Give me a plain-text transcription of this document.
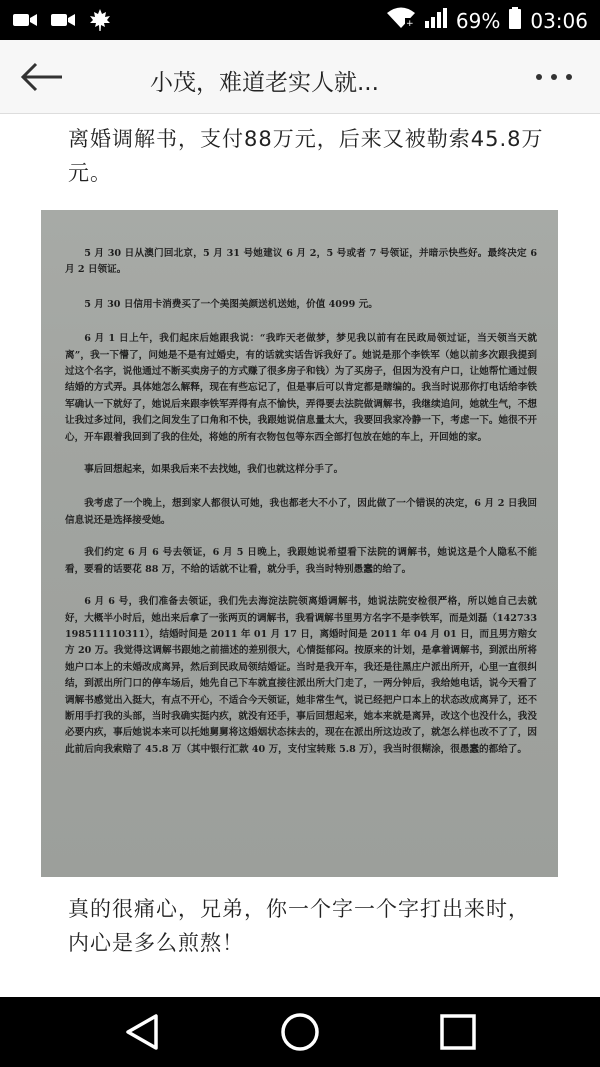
+ 69% 03:06
小茂，难道老实人就...
离婚调解书，支付88万元，后来又被勒索45.8万元。

5 月 30 日从澳门回北京，5 月 31 号她建议 6 月 2，5 号或者 7 号领证，并暗示快些好。最终决定 6 月 2 日领证。

5 月 30 日信用卡消费买了一个美图美颜送机送她，价值 4099 元。

6 月 1 日上午，我们起床后她跟我说：“我昨天老做梦，梦见我以前有在民政局领过证，当天领当天就离”，我一下懵了，问她是不是有过婚史，有的话就实话告诉我好了。她说是那个李铁军（她以前多次跟我提到过这个名字，说他通过不断买卖房子的方式赚了很多房子和钱）为了买房子，但因为没有户口，让她帮忙通过假结婚的方式弄。具体她怎么解释，现在有些忘记了，但是事后可以肯定都是瞎编的。我当时说那你打电话给李铁军确认一下就好了，她说后来跟李铁军弄得有点不愉快，弄得要去法院做调解书，我继续追问，她就生气，不想让我过多过问，我们之间发生了口角和不快，我跟她说信息量太大，我要回我家冷静一下，考虑一下。她很不开心，开车跟着我回到了我的住处，将她的所有衣物包包等东西全部打包放在她的车上，开回她的家。

事后回想起来，如果我后来不去找她，我们也就这样分手了。

我考虑了一个晚上，想到家人都很认可她，我也都老大不小了，因此做了一个错误的决定，6 月 2 日我回信息说还是选择接受她。

我们约定 6 月 6 号去领证，6 月 5 日晚上，我跟她说希望看下法院的调解书，她说这是个人隐私不能看，要看的话要花 88 万，不给的话就不让看，就分手，我当时特别愚蠢的给了。

6 月 6 号，我们准备去领证，我们先去海淀法院领离婚调解书，她说法院安检很严格，所以她自己去就好，大概半小时后，她出来后拿了一张两页的调解书，我看调解书里男方名字不是李铁军，而是刘磊（142733198511110311），结婚时间是 2011 年 01 月 17 日，离婚时间是 2011 年 04 月 01 日，而且男方赔女方 20 万。我觉得这调解书跟她之前描述的差别很大，心情挺郁闷。按原来的计划，是拿着调解书，到派出所将她户口本上的未婚改成离异，然后到民政局领结婚证。当时是我开车，我还是往黑庄户派出所开，心里一直很纠结，到派出所门口的停车场后，她先自己下车就直接往派出所大门走了，一两分钟后，我给她电话，说今天看了调解书感觉出入挺大，有点不开心，不适合今天领证，她非常生气，说已经把户口本上的状态改成离异了，还不断用手打我的头部，当时我确实挺内疚，就没有还手，事后回想起来，她本来就是离异，改这个也没什么，我没必要内疚，事后她说本来可以托她舅舅将这婚姻状态抹去的，现在在派出所这边改了，就怎么样也改不了了，因此前后向我索赔了 45.8 万（其中银行汇款 40 万，支付宝转账 5.8 万），我当时很糊涂，很愚蠢的都给了。

真的很痛心，兄弟，你一个字一个字打出来时，内心是多么煎熬！
